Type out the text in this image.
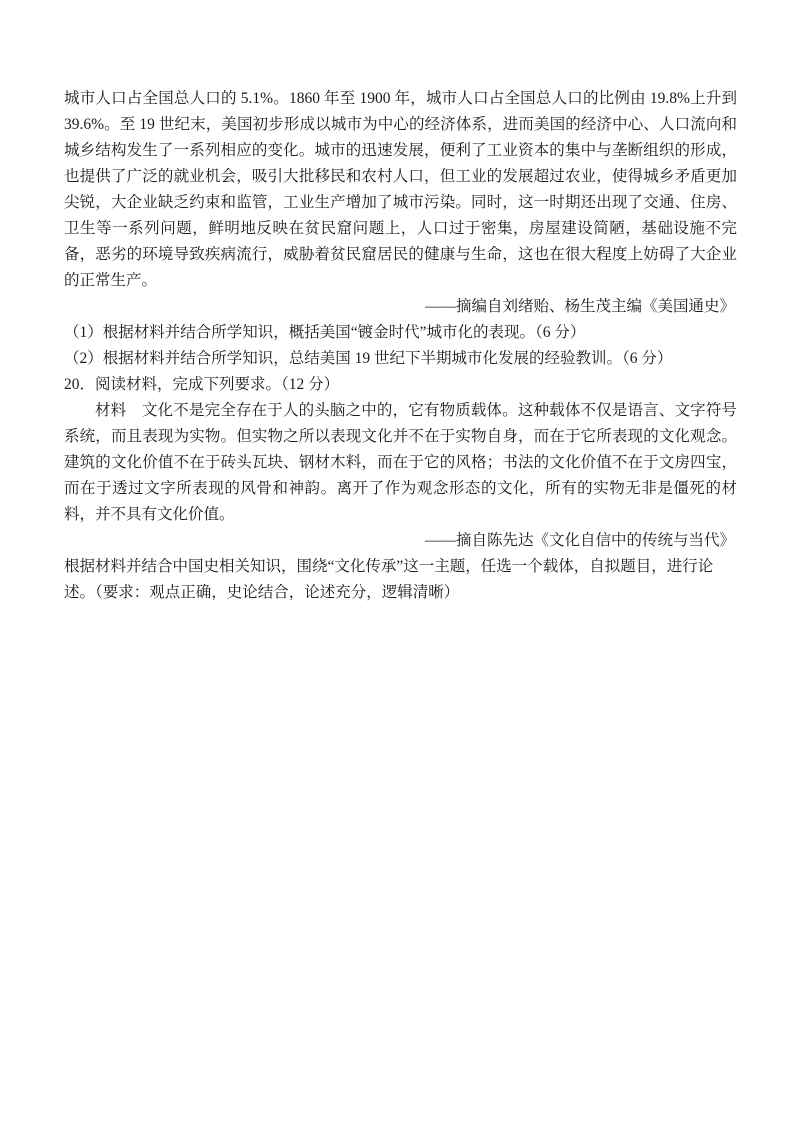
城市人口占全国总人口的 5.1%。1860 年至 1900 年，城市人口占全国总人口的比例由 19.8%上升到 39.6%。至 19 世纪末，美国初步形成以城市为中心的经济体系，进而美国的经济中心、人口流向和城乡结构发生了一系列相应的变化。城市的迅速发展，便利了工业资本的集中与垄断组织的形成，也提供了广泛的就业机会，吸引大批移民和农村人口，但工业的发展超过农业，使得城乡矛盾更加尖锐，大企业缺乏约束和监管，工业生产增加了城市污染。同时，这一时期还出现了交通、住房、卫生等一系列问题，鲜明地反映在贫民窟问题上，人口过于密集，房屋建设简陋，基础设施不完备，恶劣的环境导致疾病流行，威胁着贫民窟居民的健康与生命，这也在很大程度上妨碍了大企业的正常生产。

——摘编自刘绪贻、杨生茂主编《美国通史》

（1）根据材料并结合所学知识，概括美国“镀金时代”城市化的表现。（6 分）

（2）根据材料并结合所学知识，总结美国 19 世纪下半期城市化发展的经验教训。（6 分）

20．阅读材料，完成下列要求。（12 分）

材料　文化不是完全存在于人的头脑之中的，它有物质载体。这种载体不仅是语言、文字符号系统，而且表现为实物。但实物之所以表现文化并不在于实物自身，而在于它所表现的文化观念。建筑的文化价值不在于砖头瓦块、钢材木料，而在于它的风格；书法的文化价值不在于文房四宝，而在于透过文字所表现的风骨和神韵。离开了作为观念形态的文化，所有的实物无非是僵死的材料，并不具有文化价值。

——摘自陈先达《文化自信中的传统与当代》

根据材料并结合中国史相关知识，围绕“文化传承”这一主题，任选一个载体，自拟题目，进行论述。（要求：观点正确，史论结合，论述充分，逻辑清晰）
